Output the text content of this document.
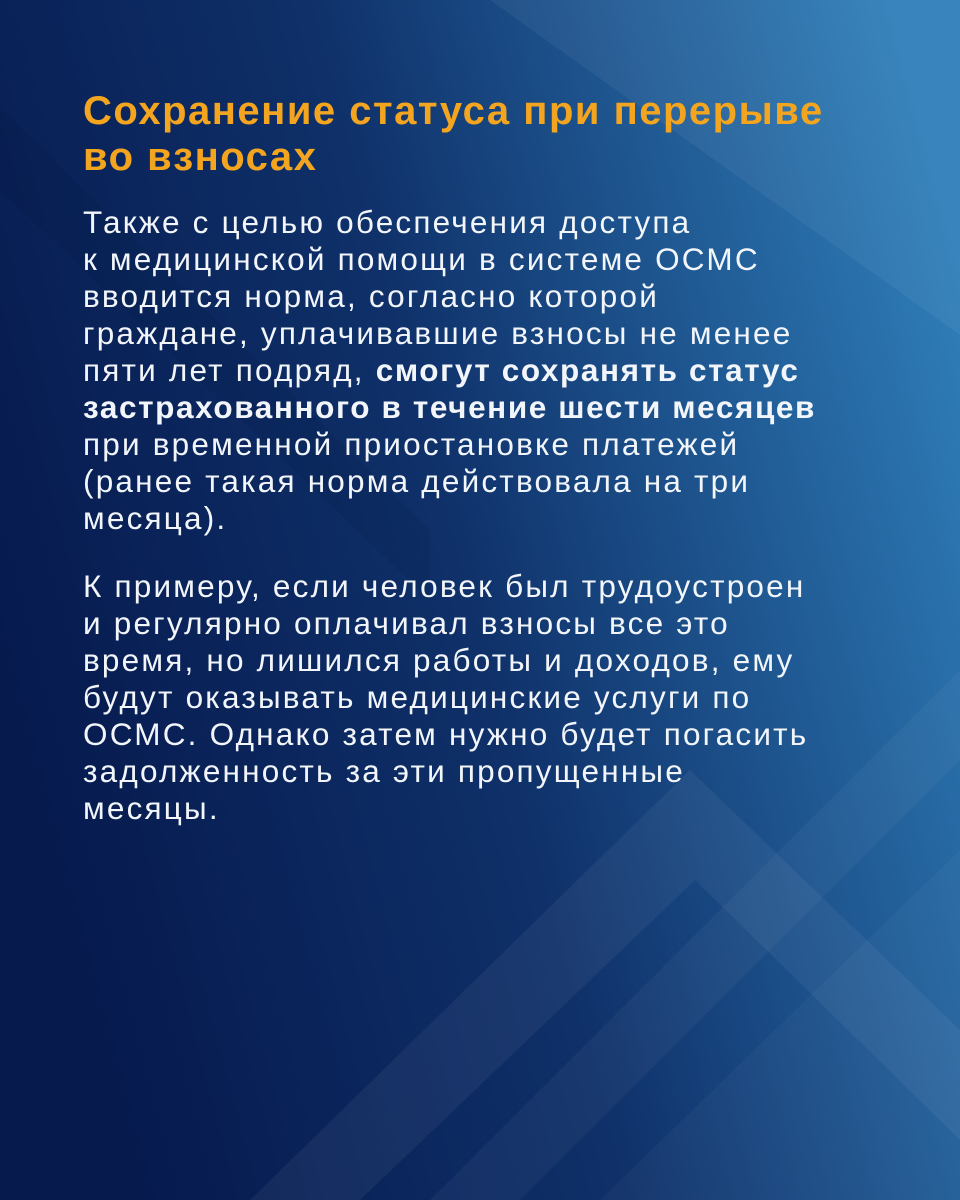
Сохранение статуса при перерыве
во взносах
Также с целью обеспечения доступа
к медицинской помощи в системе ОСМС
вводится норма, согласно которой
граждане, уплачивавшие взносы не менее
пяти лет подряд, смогут сохранять статус
застрахованного в течение шести месяцев
при временной приостановке платежей
(ранее такая норма действовала на три
месяца).
К примеру, если человек был трудоустроен
и регулярно оплачивал взносы все это
время, но лишился работы и доходов, ему
будут оказывать медицинские услуги по
ОСМС. Однако затем нужно будет погасить
задолженность за эти пропущенные
месяцы.
